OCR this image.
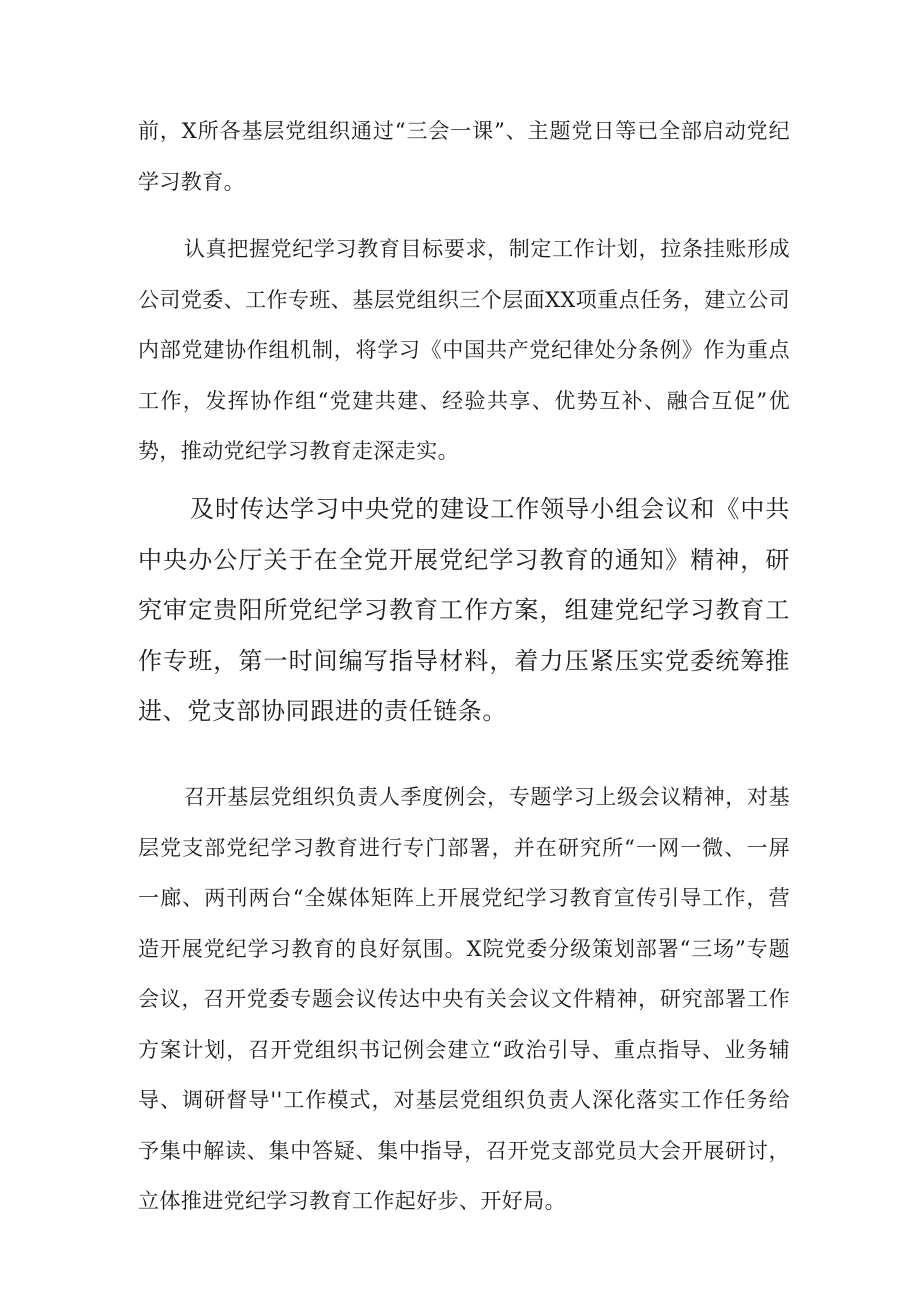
前，X所各基层党组织通过“三会一课”、主题党日等已全部启动党纪学习教育。

认真把握党纪学习教育目标要求，制定工作计划，拉条挂账形成公司党委、工作专班、基层党组织三个层面XX项重点任务，建立公司内部党建协作组机制，将学习《中国共产党纪律处分条例》作为重点工作，发挥协作组“党建共建、经验共享、优势互补、融合互促”优势，推动党纪学习教育走深走实。

及时传达学习中央党的建设工作领导小组会议和《中共中央办公厅关于在全党开展党纪学习教育的通知》精神，研究审定贵阳所党纪学习教育工作方案，组建党纪学习教育工作专班，第一时间编写指导材料，着力压紧压实党委统筹推进、党支部协同跟进的责任链条。

召开基层党组织负责人季度例会，专题学习上级会议精神，对基层党支部党纪学习教育进行专门部署，并在研究所“一网一微、一屏一廊、两刊两台“全媒体矩阵上开展党纪学习教育宣传引导工作，营造开展党纪学习教育的良好氛围。X院党委分级策划部署“三场”专题会议，召开党委专题会议传达中央有关会议文件精神，研究部署工作方案计划，召开党组织书记例会建立“政治引导、重点指导、业务辅导、调研督导''工作模式，对基层党组织负责人深化落实工作任务给予集中解读、集中答疑、集中指导，召开党支部党员大会开展研讨，立体推进党纪学习教育工作起好步、开好局。
